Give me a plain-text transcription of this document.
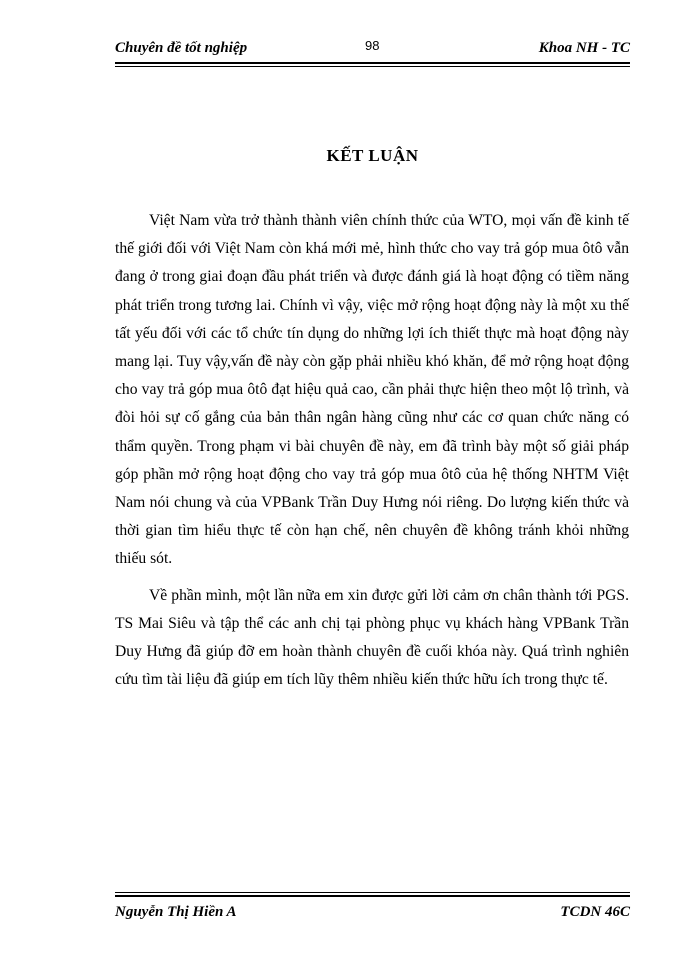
Chuyên đề tốt nghiệp	98	Khoa NH - TC
KẾT LUẬN

Việt Nam vừa trở thành thành viên chính thức của WTO, mọi vấn đề kinh tế thế giới đối với Việt Nam còn khá mới mẻ, hình thức cho vay trả góp mua ôtô vẫn đang ở trong giai đoạn đầu phát triển và được đánh giá là hoạt động có tiềm năng phát triển trong tương lai. Chính vì vậy, việc mở rộng hoạt động này là một xu thế tất yếu đối với các tổ chức tín dụng do những lợi ích thiết thực mà hoạt động này mang lại. Tuy vậy,vấn đề này còn gặp phải nhiều khó khăn, để mở rộng hoạt động cho vay trả góp mua ôtô đạt hiệu quả cao, cần phải thực hiện theo một lộ trình, và đòi hỏi sự cố gắng của bản thân ngân hàng cũng như các cơ quan chức năng có thẩm quyền. Trong phạm vi bài chuyên đề này, em đã trình bày một số giải pháp góp phần mở rộng hoạt động cho vay trả góp mua ôtô của hệ thống NHTM Việt Nam nói chung và của VPBank Trần Duy Hưng nói riêng. Do lượng kiến thức và thời gian tìm hiểu thực tế còn hạn chế, nên chuyên đề không tránh khỏi những thiếu sót.

Về phần mình, một lần nữa em xin được gửi lời cảm ơn chân thành tới PGS. TS Mai Siêu và tập thể các anh chị tại phòng phục vụ khách hàng VPBank Trần Duy Hưng đã giúp đỡ em hoàn thành chuyên đề cuối khóa này. Quá trình nghiên cứu tìm tài liệu đã giúp em tích lũy thêm nhiều kiến thức hữu ích trong thực tế.

Nguyễn Thị Hiền A	TCDN 46C
